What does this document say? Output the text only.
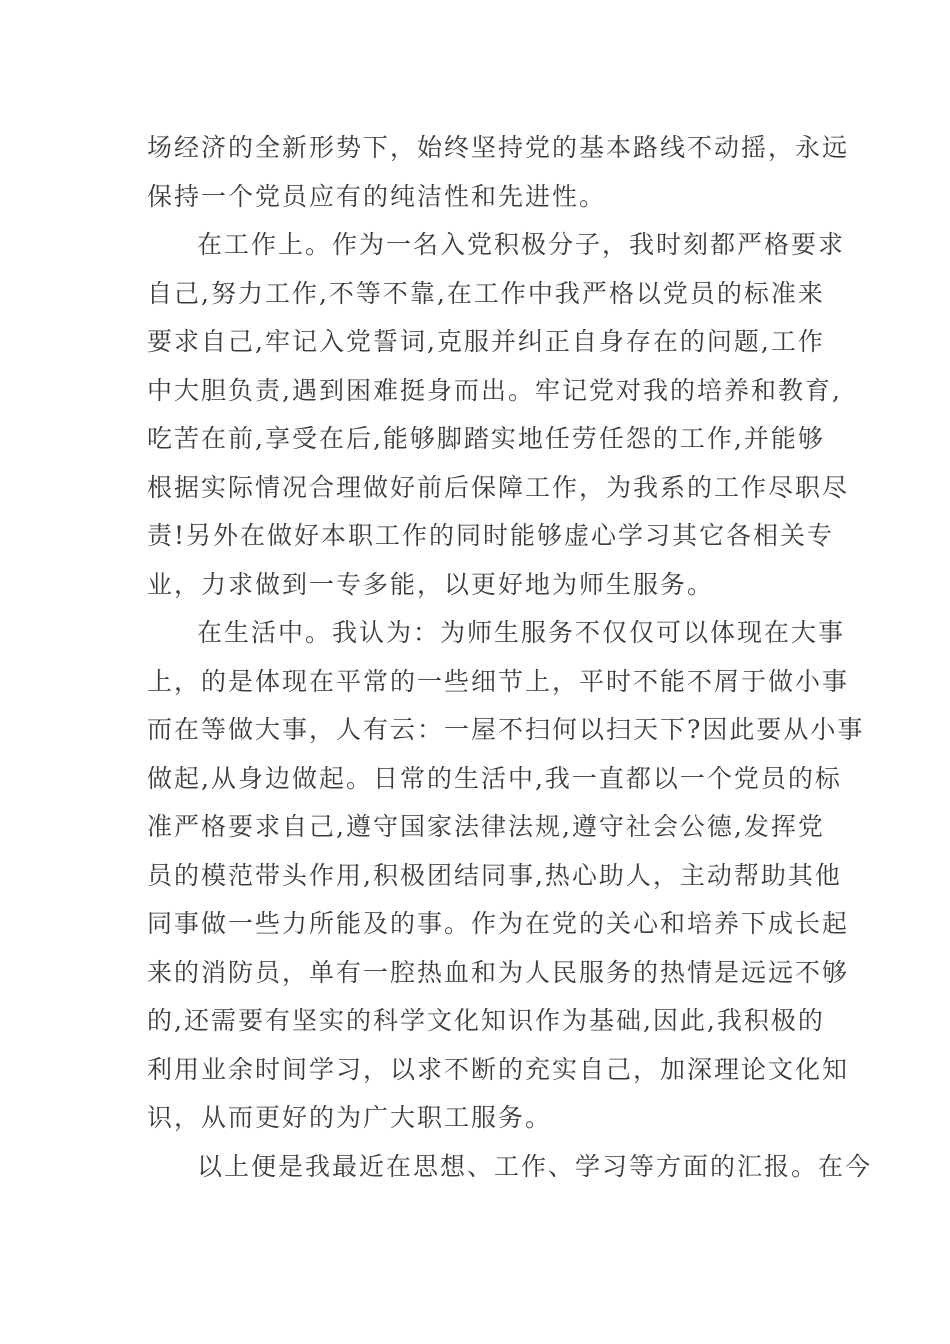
场经济的全新形势下，始终坚持党的基本路线不动摇，永远
保持一个党员应有的纯洁性和先进性。
在工作上。作为一名入党积极分子，我时刻都严格要求
自己,努力工作,不等不靠,在工作中我严格以党员的标准来
要求自己,牢记入党誓词,克服并纠正自身存在的问题,工作
中大胆负责,遇到困难挺身而出。牢记党对我的培养和教育,
吃苦在前,享受在后,能够脚踏实地任劳任怨的工作,并能够
根据实际情况合理做好前后保障工作，为我系的工作尽职尽
责!另外在做好本职工作的同时能够虚心学习其它各相关专
业，力求做到一专多能，以更好地为师生服务。
在生活中。我认为：为师生服务不仅仅可以体现在大事
上，的是体现在平常的一些细节上，平时不能不屑于做小事
而在等做大事，人有云：一屋不扫何以扫天下?因此要从小事
做起,从身边做起。日常的生活中,我一直都以一个党员的标
准严格要求自己,遵守国家法律法规,遵守社会公德,发挥党
员的模范带头作用,积极团结同事,热心助人，主动帮助其他
同事做一些力所能及的事。作为在党的关心和培养下成长起
来的消防员，单有一腔热血和为人民服务的热情是远远不够
的,还需要有坚实的科学文化知识作为基础,因此,我积极的
利用业余时间学习，以求不断的充实自己，加深理论文化知
识，从而更好的为广大职工服务。
以上便是我最近在思想、工作、学习等方面的汇报。在今
